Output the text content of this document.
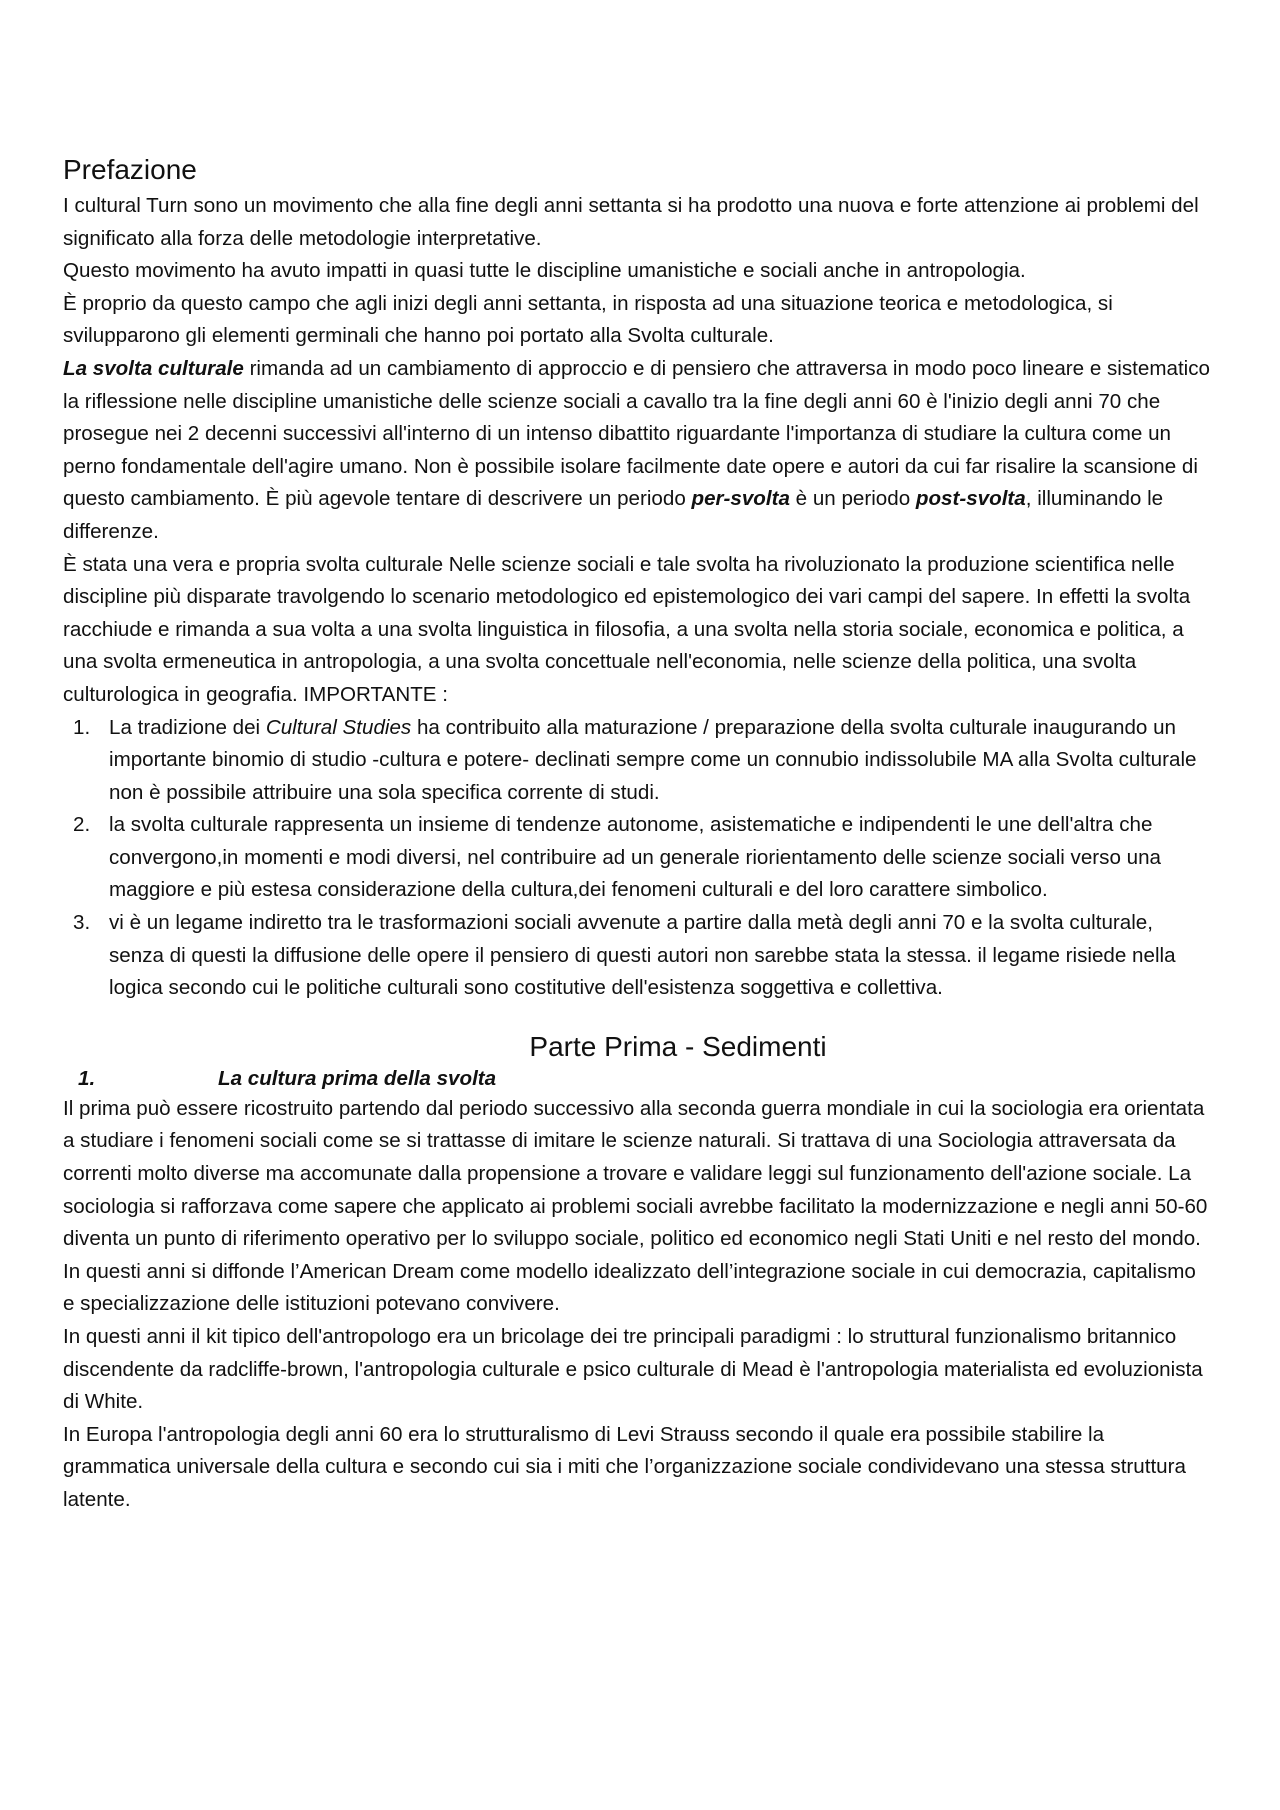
Prefazione

I cultural Turn sono un movimento che alla fine degli anni settanta si ha prodotto una nuova e forte attenzione ai problemi del significato alla forza delle metodologie interpretative.

Questo movimento ha avuto impatti in quasi tutte le discipline umanistiche e sociali anche in antropologia.

È proprio da questo campo che agli inizi degli anni settanta, in risposta ad una situazione teorica e metodologica, si svilupparono gli elementi germinali che hanno poi portato alla Svolta culturale.

La svolta culturale rimanda ad un cambiamento di approccio e di pensiero che attraversa in modo poco lineare e sistematico la riflessione nelle discipline umanistiche delle scienze sociali a cavallo tra la fine degli anni 60 è l'inizio degli anni 70 che prosegue nei 2 decenni successivi all'interno di un intenso dibattito riguardante l'importanza di studiare la cultura come un perno fondamentale dell'agire umano. Non è possibile isolare facilmente date opere e autori da cui far risalire la scansione di questo cambiamento. È più agevole tentare di descrivere un periodo per-svolta è un periodo post-svolta, illuminando le differenze.

È stata una vera e propria svolta culturale Nelle scienze sociali e tale svolta ha rivoluzionato la produzione scientifica nelle discipline più disparate travolgendo lo scenario metodologico ed epistemologico dei vari campi del sapere. In effetti la svolta racchiude e rimanda a sua volta a una svolta linguistica in filosofia, a una svolta nella storia sociale, economica e politica, a una svolta ermeneutica in antropologia, a una svolta concettuale nell'economia, nelle scienze della politica, una svolta culturologica in geografia. IMPORTANTE :

1. La tradizione dei Cultural Studies ha contribuito alla maturazione / preparazione della svolta culturale inaugurando un importante binomio di studio -cultura e potere- declinati sempre come un connubio indissolubile MA alla Svolta culturale non è possibile attribuire una sola specifica corrente di studi.
2. la svolta culturale rappresenta un insieme di tendenze autonome, asistematiche e indipendenti le une dell'altra che convergono,in momenti e modi diversi, nel contribuire ad un generale riorientamento delle scienze sociali verso una maggiore e più estesa considerazione della cultura,dei fenomeni culturali e del loro carattere simbolico.
3. vi è un legame indiretto tra le trasformazioni sociali avvenute a partire dalla metà degli anni 70 e la svolta culturale, senza di questi la diffusione delle opere il pensiero di questi autori non sarebbe stata la stessa. il legame risiede nella logica secondo cui le politiche culturali sono costitutive dell'esistenza soggettiva e collettiva.
Parte Prima - Sedimenti
1.	La cultura prima della svolta

Il prima può essere ricostruito partendo dal periodo successivo alla seconda guerra mondiale in cui la sociologia era orientata a studiare i fenomeni sociali come se si trattasse di imitare le scienze naturali. Si trattava di una Sociologia attraversata da correnti molto diverse ma accomunate dalla propensione a trovare e validare leggi sul funzionamento dell'azione sociale. La sociologia si rafforzava come sapere che applicato ai problemi sociali avrebbe facilitato la modernizzazione e negli anni 50-60 diventa un punto di riferimento operativo per lo sviluppo sociale, politico ed economico negli Stati Uniti e nel resto del mondo.

In questi anni si diffonde l’American Dream come modello idealizzato dell’integrazione sociale in cui democrazia, capitalismo e specializzazione delle istituzioni potevano convivere.

In questi anni il kit tipico dell'antropologo era un bricolage dei tre principali paradigmi : lo struttural funzionalismo britannico discendente da radcliffe-brown, l'antropologia culturale e psico culturale di Mead è l'antropologia materialista ed evoluzionista di White.

In Europa l'antropologia degli anni 60 era lo strutturalismo di Levi Strauss secondo il quale era possibile stabilire la grammatica universale della cultura e secondo cui sia i miti che l’organizzazione sociale condividevano una stessa struttura latente.
